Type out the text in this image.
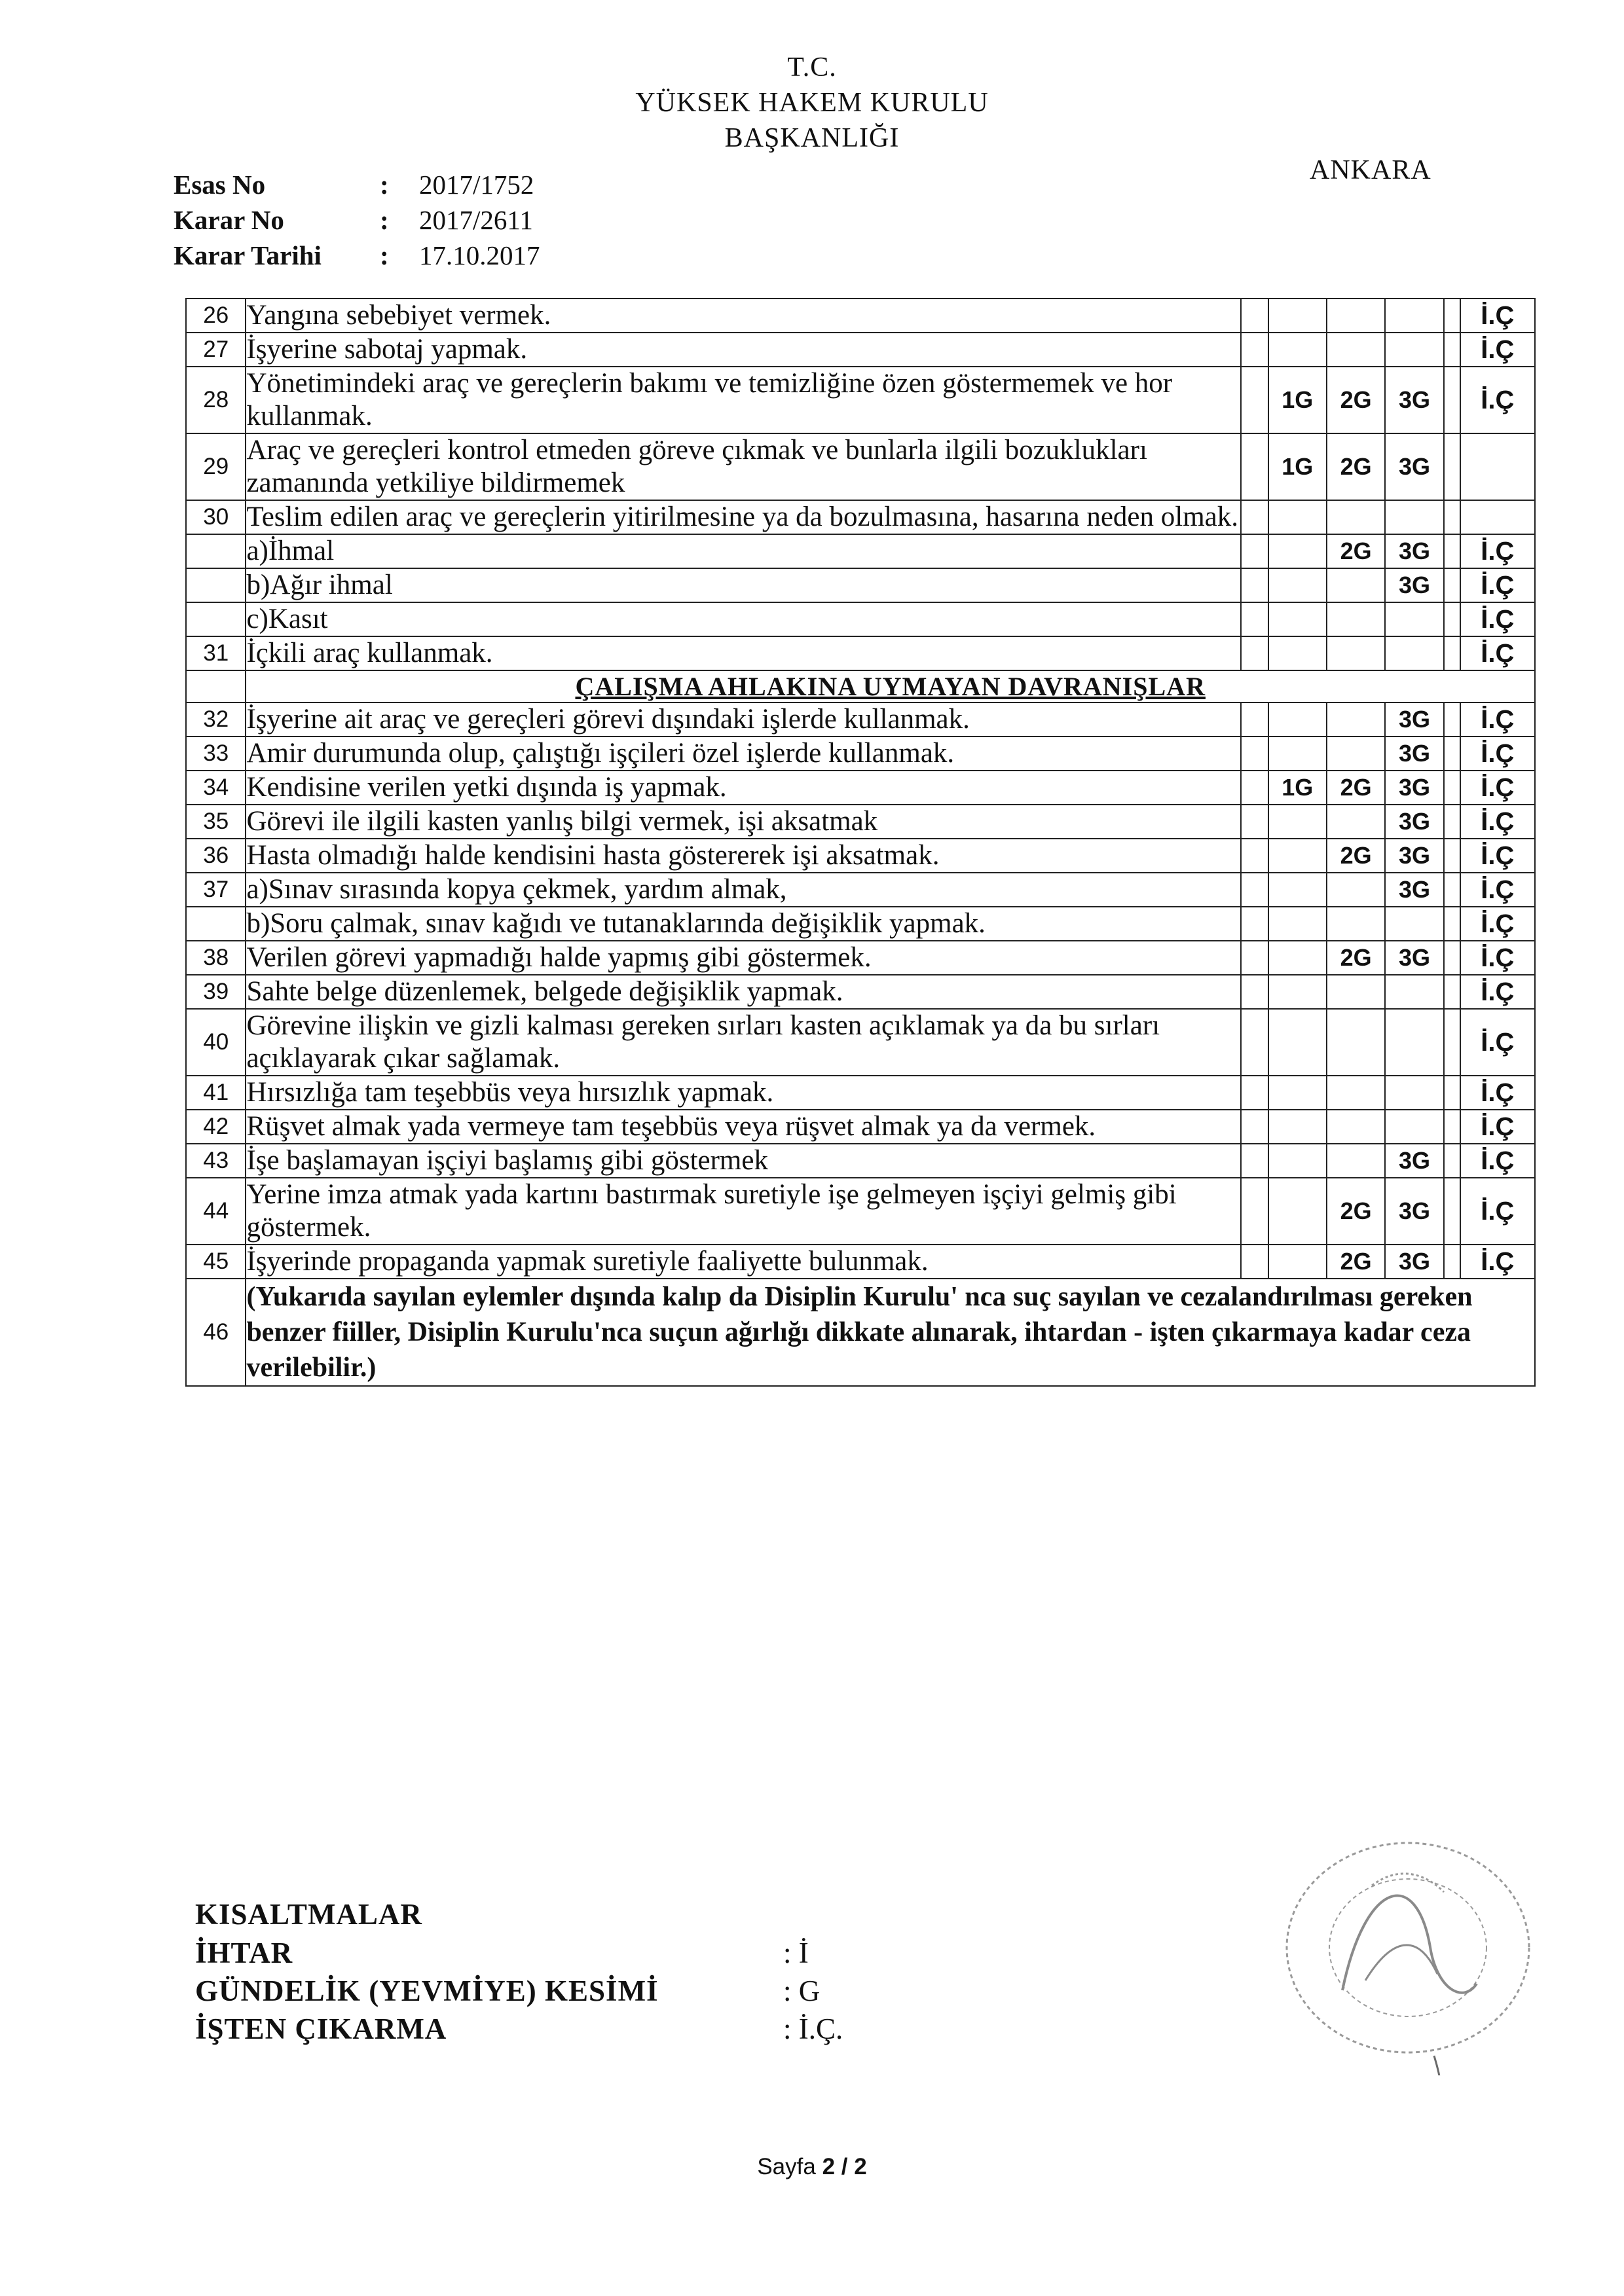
T.C.
YÜKSEK HAKEM KURULU
BAŞKANLIĞI
ANKARA
Esas No	: 2017/1752
Karar No	: 2017/2611
Karar Tarihi : 17.10.2017
26	Yangına sebebiyet vermek.						İ.Ç
27	İşyerine sabotaj yapmak.						İ.Ç
28	Yönetimindeki araç ve gereçlerin bakımı ve temizliğine özen göstermemek ve hor kullanmak.		1G	2G	3G		İ.Ç
29	Araç ve gereçleri kontrol etmeden göreve çıkmak ve bunlarla ilgili bozuklukları zamanında yetkiliye bildirmemek		1G	2G	3G		
30	Teslim edilen araç ve gereçlerin yitirilmesine ya da bozulmasına, hasarına neden olmak.						
	a)İhmal			2G	3G		İ.Ç
	b)Ağır ihmal				3G		İ.Ç
	c)Kasıt						İ.Ç
31	İçkili araç kullanmak.						İ.Ç
	ÇALIŞMA AHLAKINA UYMAYAN DAVRANIŞLAR						
32	İşyerine ait araç ve gereçleri görevi dışındaki işlerde kullanmak.				3G		İ.Ç
33	Amir durumunda olup, çalıştığı işçileri özel işlerde kullanmak.				3G		İ.Ç
34	Kendisine verilen yetki dışında iş yapmak.		1G	2G	3G		İ.Ç
35	Görevi ile ilgili kasten yanlış bilgi vermek, işi aksatmak				3G		İ.Ç
36	Hasta olmadığı halde kendisini hasta göstererek işi aksatmak.			2G	3G		İ.Ç
37	a)Sınav sırasında kopya çekmek, yardım almak,				3G		İ.Ç
	b)Soru çalmak, sınav kağıdı ve tutanaklarında değişiklik yapmak.						İ.Ç
38	Verilen görevi yapmadığı halde yapmış gibi göstermek.			2G	3G		İ.Ç
39	Sahte belge düzenlemek, belgede değişiklik yapmak.						İ.Ç
40	Görevine ilişkin ve gizli kalması gereken sırları kasten açıklamak ya da bu sırları açıklayarak çıkar sağlamak.						İ.Ç
41	Hırsızlığa tam teşebbüs veya hırsızlık yapmak.						İ.Ç
42	Rüşvet almak yada vermeye tam teşebbüs veya rüşvet almak ya da vermek.						İ.Ç
43	İşe başlamayan işçiyi başlamış gibi göstermek				3G		İ.Ç
44	Yerine imza atmak yada kartını bastırmak suretiyle işe gelmeyen işçiyi gelmiş gibi göstermek.			2G	3G		İ.Ç
45	İşyerinde propaganda yapmak suretiyle faaliyette bulunmak.			2G	3G		İ.Ç
46	(Yukarıda sayılan eylemler dışında kalıp da Disiplin Kurulu' nca suç sayılan ve cezalandırılması gereken benzer fiiller, Disiplin Kurulu'nca suçun ağırlığı dikkate alınarak, ihtardan - işten çıkarmaya kadar ceza verilebilir.)						
KISALTMALAR
İHTAR	: İ
GÜNDELİK (YEVMİYE) KESİMİ	: G
İŞTEN ÇIKARMA	: İ.Ç.
Sayfa 2 / 2
